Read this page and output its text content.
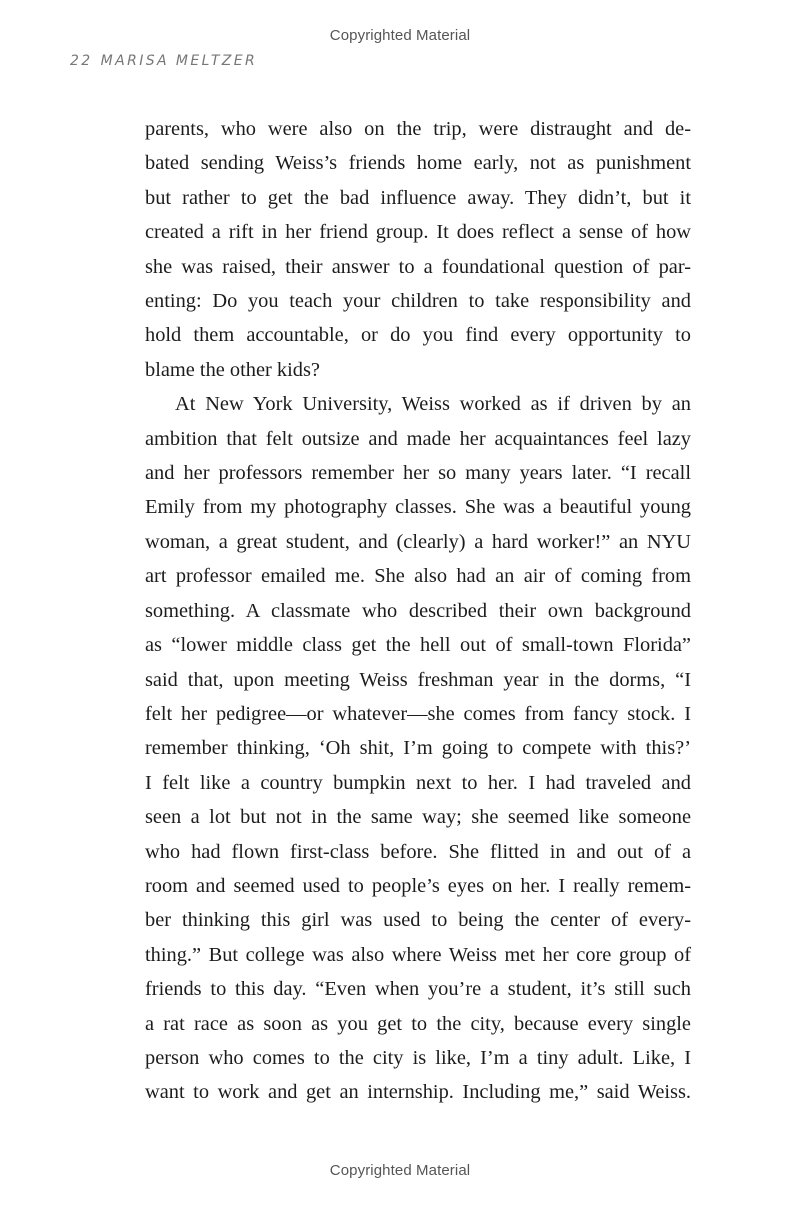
Copyrighted Material
22 MARISA MELTZER
parents, who were also on the trip, were distraught and de-
bated sending Weiss’s friends home early, not as punishment
but rather to get the bad influence away. They didn’t, but it
created a rift in her friend group. It does reflect a sense of how
she was raised, their answer to a foundational question of par-
enting: Do you teach your children to take responsibility and
hold them accountable, or do you find every opportunity to
blame the other kids?
At New York University, Weiss worked as if driven by an
ambition that felt outsize and made her acquaintances feel lazy
and her professors remember her so many years later. “I recall
Emily from my photography classes. She was a beautiful young
woman, a great student, and (clearly) a hard worker!” an NYU
art professor emailed me. She also had an air of coming from
something. A classmate who described their own background
as “lower middle class get the hell out of small-town Florida”
said that, upon meeting Weiss freshman year in the dorms, “I
felt her pedigree—or whatever—she comes from fancy stock. I
remember thinking, ‘Oh shit, I’m going to compete with this?’
I felt like a country bumpkin next to her. I had traveled and
seen a lot but not in the same way; she seemed like someone
who had flown first-class before. She flitted in and out of a
room and seemed used to people’s eyes on her. I really remem-
ber thinking this girl was used to being the center of every-
thing.” But college was also where Weiss met her core group of
friends to this day. “Even when you’re a student, it’s still such
a rat race as soon as you get to the city, because every single
person who comes to the city is like, I’m a tiny adult. Like, I
want to work and get an internship. Including me,” said Weiss.
Copyrighted Material
